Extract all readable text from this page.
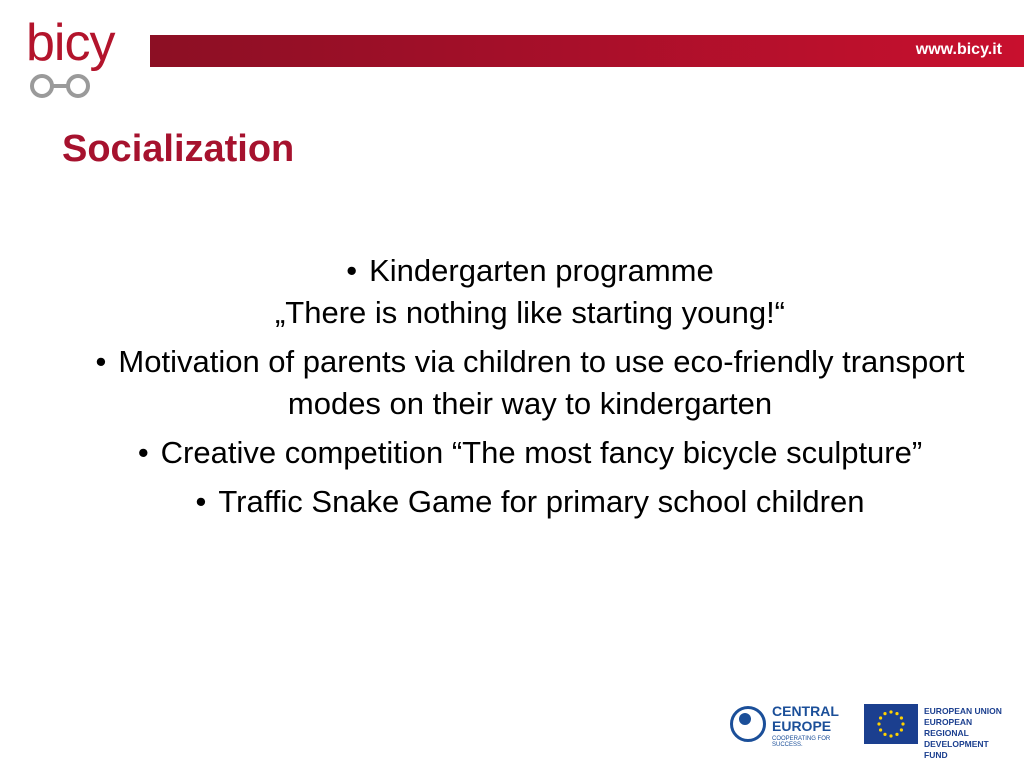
bicy	www.bicy.it
Socialization
• Kindergarten programme
„There is nothing like starting young!“
• Motivation of parents via children to use eco-friendly transport modes on their way to kindergarten
• Creative competition “The most fancy bicycle sculpture”
• Traffic Snake Game for primary school children
CENTRAL
EUROPE
COOPERATING FOR SUCCESS.
EUROPEAN UNION
EUROPEAN REGIONAL
DEVELOPMENT FUND
